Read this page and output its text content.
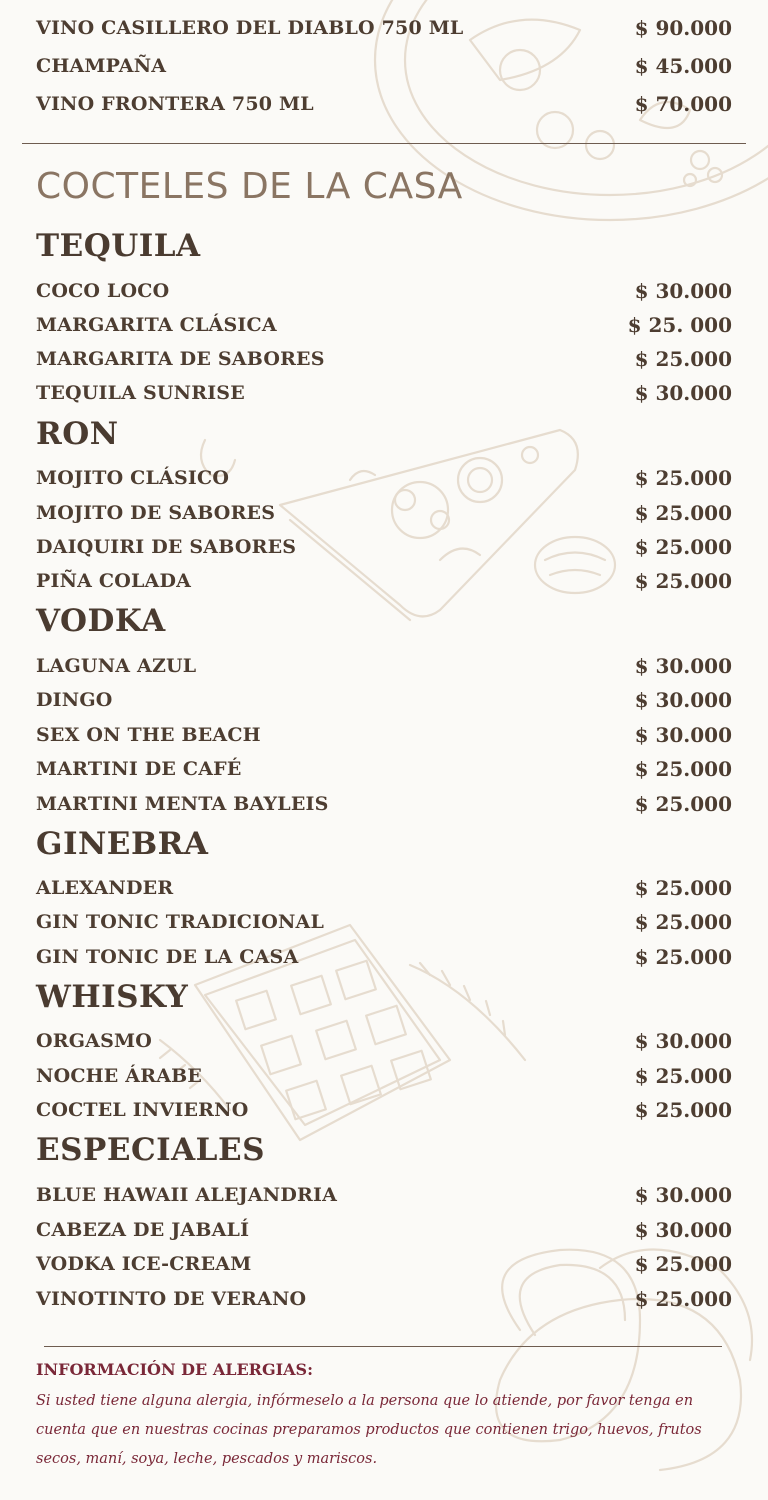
VINO CASILLERO DEL DIABLO 750 ML	$ 90.000
CHAMPAÑA	$ 45.000
VINO FRONTERA 750 ML	$ 70.000
COCTELES DE LA CASA
TEQUILA
COCO LOCO	$ 30.000
MARGARITA CLÁSICA	$ 25. 000
MARGARITA DE SABORES	$ 25.000
TEQUILA SUNRISE	$ 30.000
RON
MOJITO CLÁSICO	$ 25.000
MOJITO DE SABORES	$ 25.000
DAIQUIRI DE SABORES	$ 25.000
PIÑA COLADA	$ 25.000
VODKA
LAGUNA AZUL	$ 30.000
DINGO	$ 30.000
SEX ON THE BEACH	$ 30.000
MARTINI DE CAFÉ	$ 25.000
MARTINI MENTA BAYLEIS	$ 25.000
GINEBRA
ALEXANDER	$ 25.000
GIN TONIC TRADICIONAL	$ 25.000
GIN TONIC DE LA CASA	$ 25.000
WHISKY
ORGASMO	$ 30.000
NOCHE ÁRABE	$ 25.000
COCTEL INVIERNO	$ 25.000
ESPECIALES
BLUE HAWAII ALEJANDRIA	$ 30.000
CABEZA DE JABALÍ	$ 30.000
VODKA ICE-CREAM	$ 25.000
VINOTINTO DE VERANO	$ 25.000
INFORMACIÓN DE ALERGIAS:

Si usted tiene alguna alergia, infórmeselo a la persona que lo atiende, por favor tenga en cuenta que en nuestras cocinas preparamos productos que contienen trigo, huevos, frutos secos, maní, soya, leche, pescados y mariscos.
